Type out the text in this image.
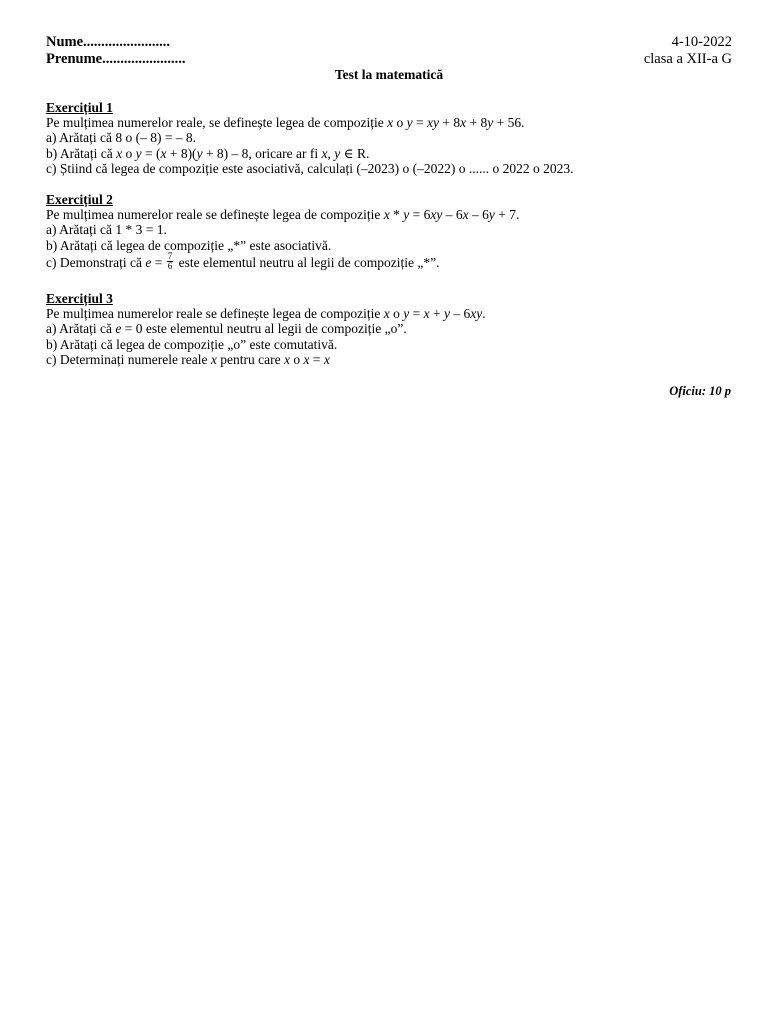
Nume........................	4-10-2022
Prenume.......................	clasa a XII-a G
Test la matematică
Exercițiul 1
Pe mulțimea numerelor reale, se definește legea de compoziție x o y = xy + 8x + 8y + 56.
a) Arătați că 8 o (– 8) = – 8.
b) Arătați că x o y = (x + 8)(y + 8) – 8, oricare ar fi x, y ∈ R.
c) Știind că legea de compoziție este asociativă, calculați (–2023) o (–2022) o ...... o 2022 o 2023.
Exercițiul 2
Pe mulțimea numerelor reale se definește legea de compoziție x * y = 6xy – 6x – 6y + 7.
a) Arătați că 1 * 3 = 1.
b) Arătați că legea de compoziție „*” este asociativă.
c) Demonstrați că $e = \frac{7}{6}$ este elementul neutru al legii de compoziție „*”.
Exercițiul 3
Pe mulțimea numerelor reale se definește legea de compoziție x o y = x + y – 6xy.
a) Arătați că e = 0 este elementul neutru al legii de compoziție „o”.
b) Arătați că legea de compoziție „o” este comutativă.
c) Determinați numerele reale x pentru care x o x = x
Oficiu: 10 p
